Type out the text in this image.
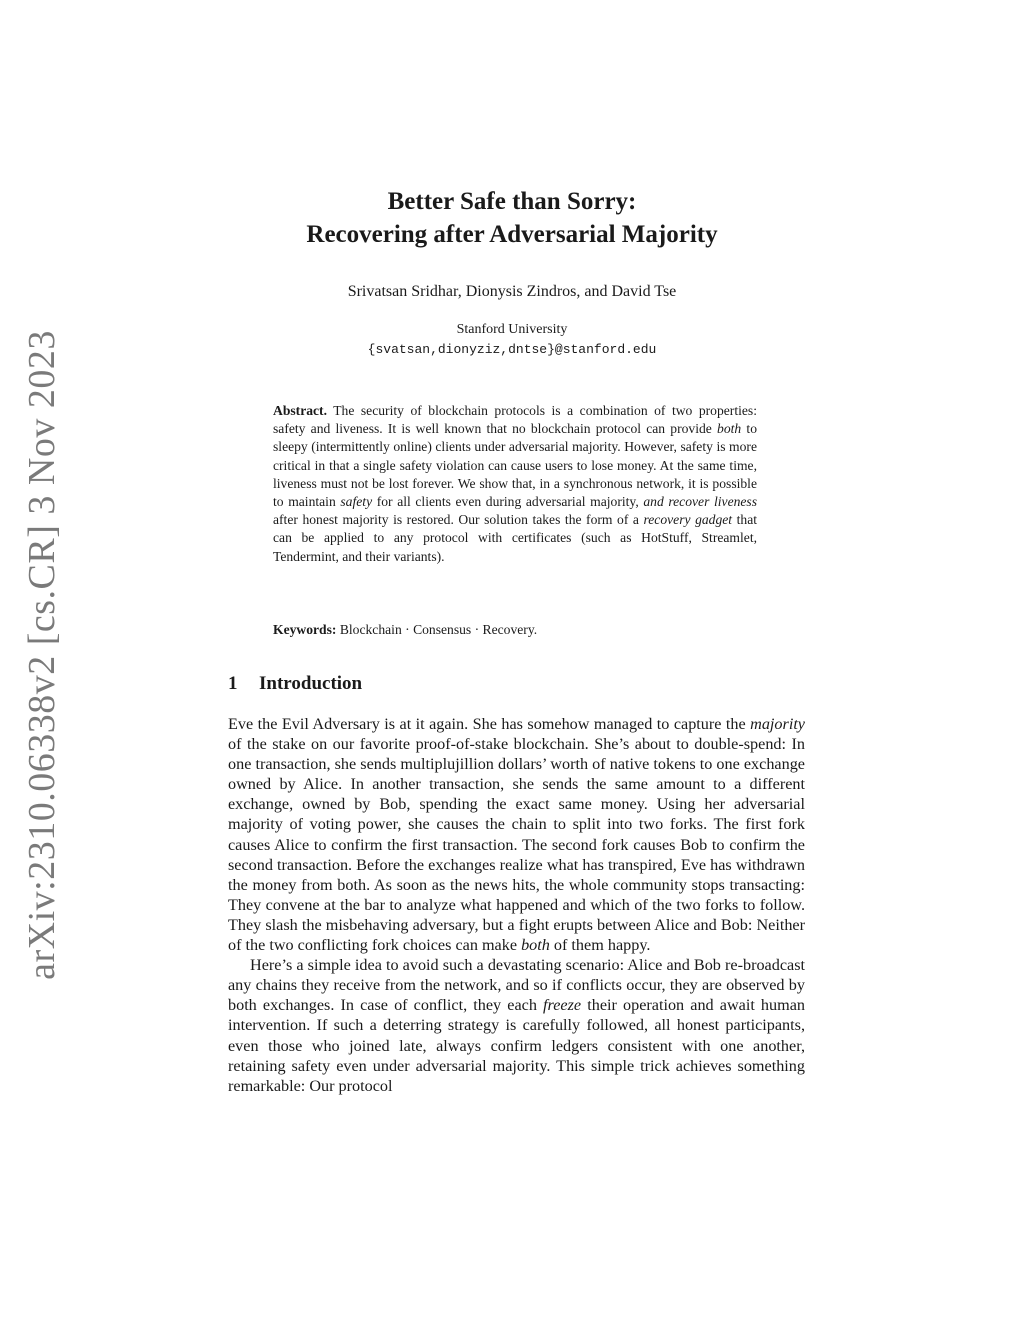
arXiv:2310.06338v2 [cs.CR] 3 Nov 2023
Better Safe than Sorry:
Recovering after Adversarial Majority
Srivatsan Sridhar, Dionysis Zindros, and David Tse
Stanford University
{svatsan,dionyziz,dntse}@stanford.edu
Abstract. The security of blockchain protocols is a combination of two properties: safety and liveness. It is well known that no blockchain protocol can provide both to sleepy (intermittently online) clients under adversarial majority. However, safety is more critical in that a single safety violation can cause users to lose money. At the same time, liveness must not be lost forever. We show that, in a synchronous network, it is possible to maintain safety for all clients even during adversarial majority, and recover liveness after honest majority is restored. Our solution takes the form of a recovery gadget that can be applied to any protocol with certificates (such as HotStuff, Streamlet, Tendermint, and their variants).
Keywords: Blockchain · Consensus · Recovery.
1 Introduction

Eve the Evil Adversary is at it again. She has somehow managed to capture the majority of the stake on our favorite proof-of-stake blockchain. She’s about to double-spend: In one transaction, she sends multiplujillion dollars’ worth of native tokens to one exchange owned by Alice. In another transaction, she sends the same amount to a different exchange, owned by Bob, spending the exact same money. Using her adversarial majority of voting power, she causes the chain to split into two forks. The first fork causes Alice to confirm the first transaction. The second fork causes Bob to confirm the second transaction. Before the exchanges realize what has transpired, Eve has withdrawn the money from both. As soon as the news hits, the whole community stops transacting: They convene at the bar to analyze what happened and which of the two forks to follow. They slash the misbehaving adversary, but a fight erupts between Alice and Bob: Neither of the two conflicting fork choices can make both of them happy.

Here’s a simple idea to avoid such a devastating scenario: Alice and Bob re-broadcast any chains they receive from the network, and so if conflicts occur, they are observed by both exchanges. In case of conflict, they each freeze their operation and await human intervention. If such a deterring strategy is carefully followed, all honest participants, even those who joined late, always confirm ledgers consistent with one another, retaining safety even under adversarial majority. This simple trick achieves something remarkable: Our protocol
